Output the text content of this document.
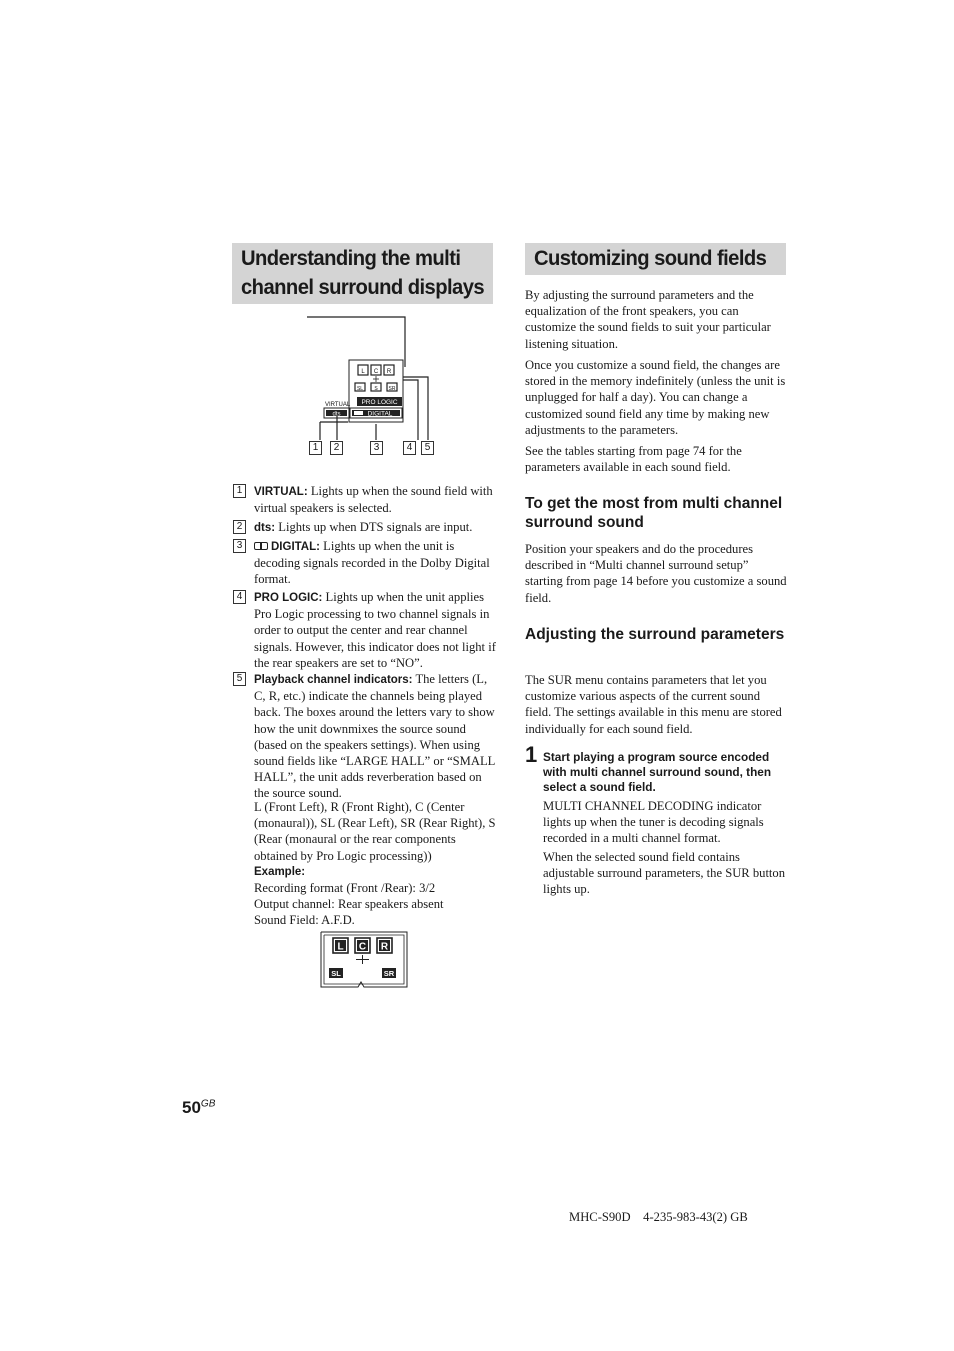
Understanding the multi
channel surround displays
Customizing sound fields
L C R
SL S SR
PRO LOGIC
VIRTUAL
dts	DIGITAL
1	2	3	4	5
1	VIRTUAL: Lights up when the sound field with virtual speakers is selected.
2	dts: Lights up when DTS signals are input.
3	DIGITAL: Lights up when the unit is decoding signals recorded in the Dolby Digital format.
4	PRO LOGIC: Lights up when the unit applies Pro Logic processing to two channel signals in order to output the center and rear channel signals. However, this indicator does not light if the rear speakers are set to “NO”.
5	Playback channel indicators: The letters (L, C, R, etc.) indicate the channels being played back. The boxes around the letters vary to show how the unit downmixes the source sound (based on the speakers settings). When using sound fields like “LARGE HALL” or “SMALL HALL”, the unit adds reverberation based on the source sound.
L (Front Left), R (Front Right), C (Center (monaural)), SL (Rear Left), SR (Rear Right), S (Rear (monaural or the rear components obtained by Pro Logic processing))
Example:
Recording format (Front /Rear): 3/2
Output channel: Rear speakers absent
Sound Field: A.F.D.
L C R
SL	SR
By adjusting the surround parameters and the equalization of the front speakers, you can customize the sound fields to suit your particular listening situation.
Once you customize a sound field, the changes are stored in the memory indefinitely (unless the unit is unplugged for half a day). You can change a customized sound field any time by making new adjustments to the parameters.
See the tables starting from page 74 for the parameters available in each sound field.
To get the most from multi channel surround sound
Position your speakers and do the procedures described in “Multi channel surround setup” starting from page 14 before you customize a sound field.
Adjusting the surround parameters
The SUR menu contains parameters that let you customize various aspects of the current sound field. The settings available in this menu are stored individually for each sound field.
1 Start playing a program source encoded with multi channel surround sound, then select a sound field.
MULTI CHANNEL DECODING indicator lights up when the tuner is decoding signals recorded in a multi channel format.
When the selected sound field contains adjustable surround parameters, the SUR button lights up.
$50^{GB}$
MHC-S90D    4-235-983-43(2) GB
